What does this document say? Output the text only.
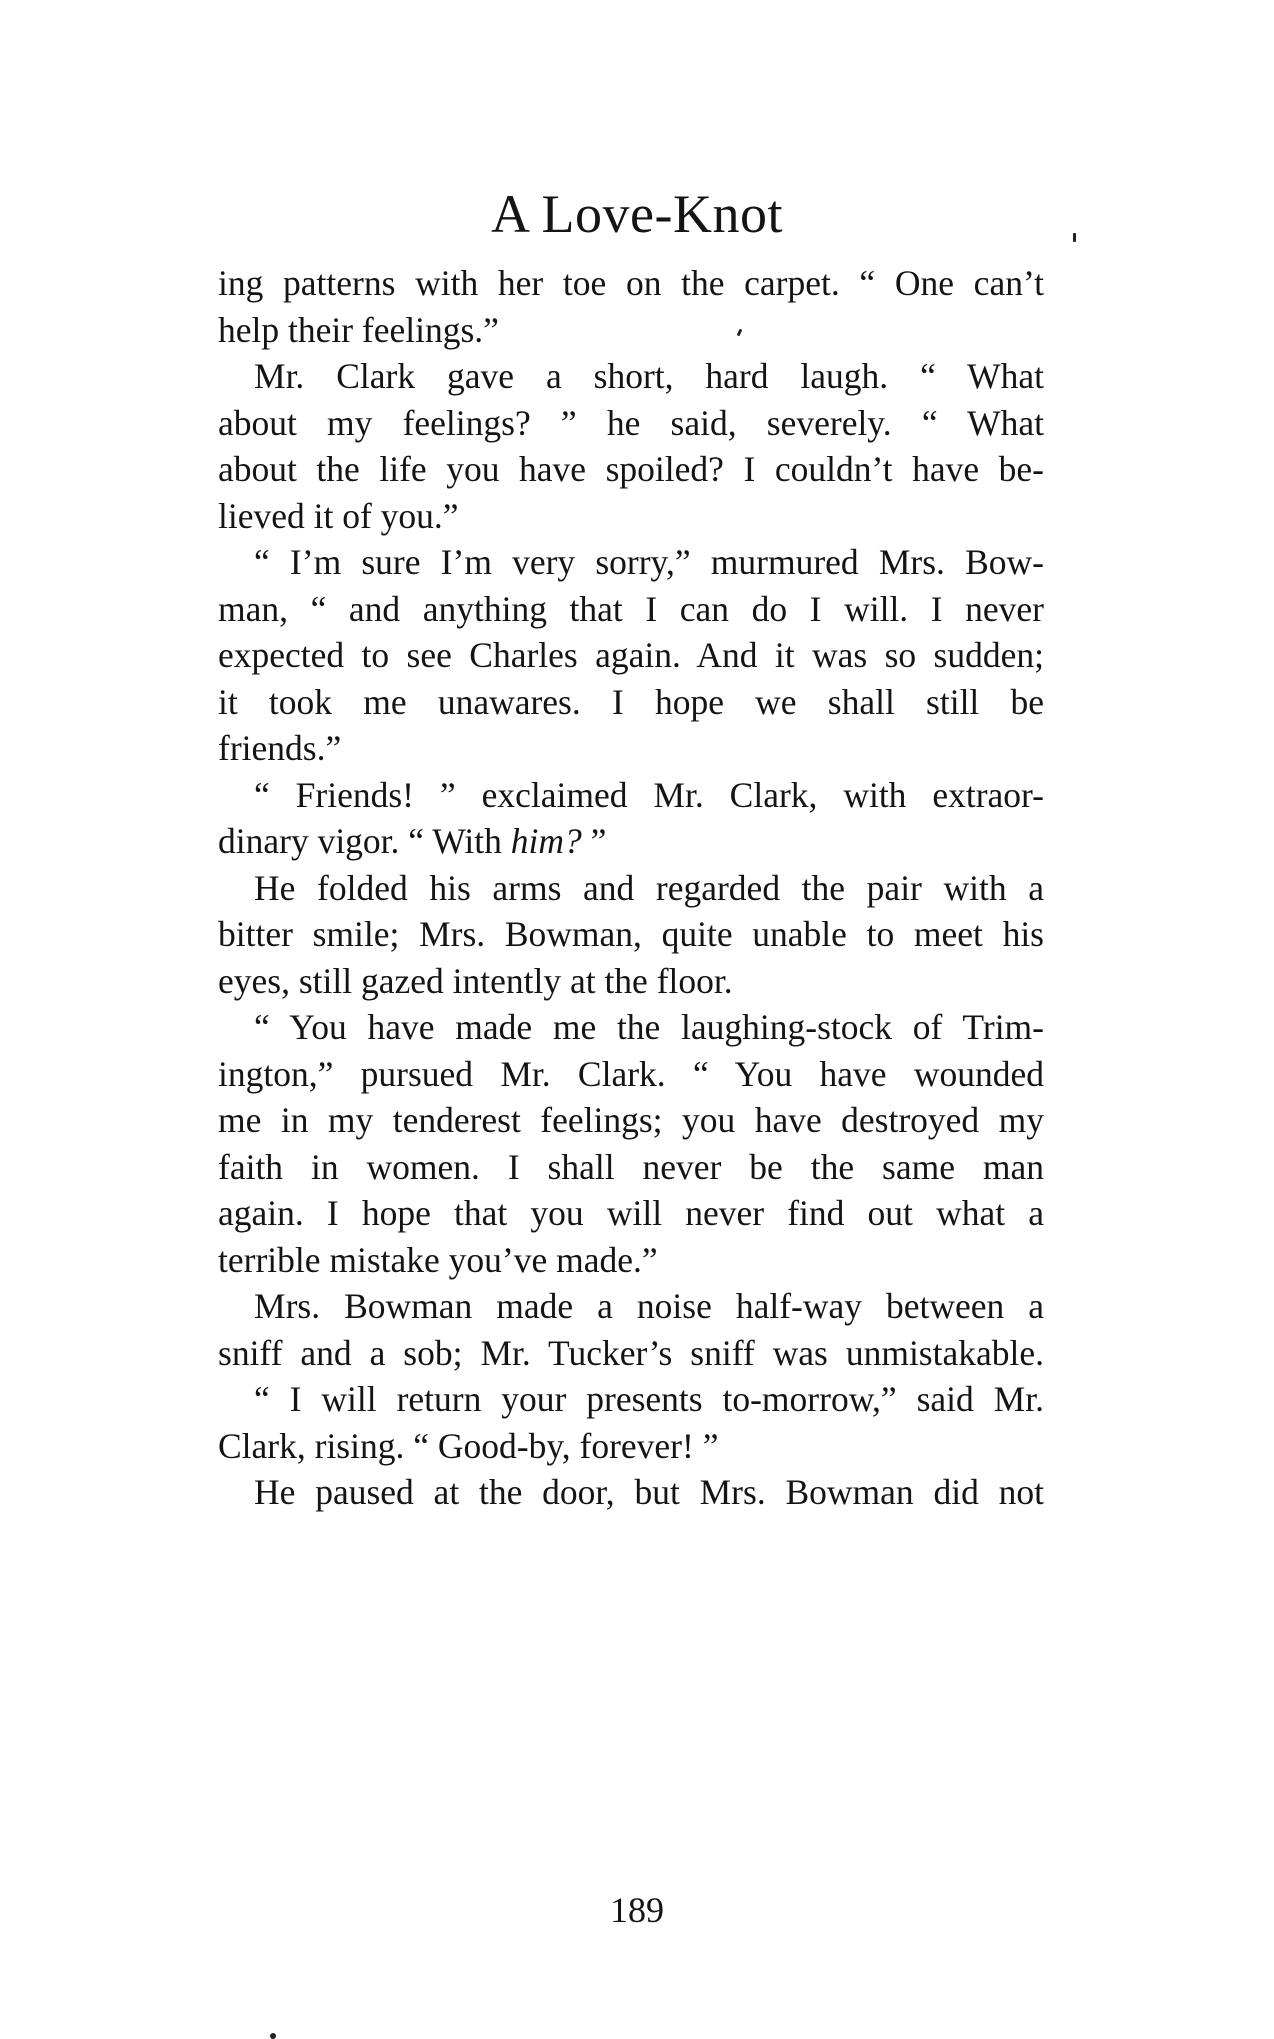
A Love-Knot
ing patterns with her toe on the carpet. “ One can’t
help their feelings.”
Mr. Clark gave a short, hard laugh. “ What
about my feelings? ” he said, severely. “ What
about the life you have spoiled? I couldn’t have be-
lieved it of you.”
“ I’m sure I’m very sorry,” murmured Mrs. Bow-
man, “ and anything that I can do I will. I never
expected to see Charles again. And it was so sudden;
it took me unawares. I hope we shall still be
friends.”
“ Friends! ” exclaimed Mr. Clark, with extraor-
dinary vigor. “ With him? ”
He folded his arms and regarded the pair with a
bitter smile; Mrs. Bowman, quite unable to meet his
eyes, still gazed intently at the floor.
“ You have made me the laughing-stock of Trim-
ington,” pursued Mr. Clark. “ You have wounded
me in my tenderest feelings; you have destroyed my
faith in women. I shall never be the same man
again. I hope that you will never find out what a
terrible mistake you’ve made.”
Mrs. Bowman made a noise half-way between a
sniff and a sob; Mr. Tucker’s sniff was unmistakable.
“ I will return your presents to-morrow,” said Mr.
Clark, rising. “ Good-by, forever! ”
He paused at the door, but Mrs. Bowman did not
189
